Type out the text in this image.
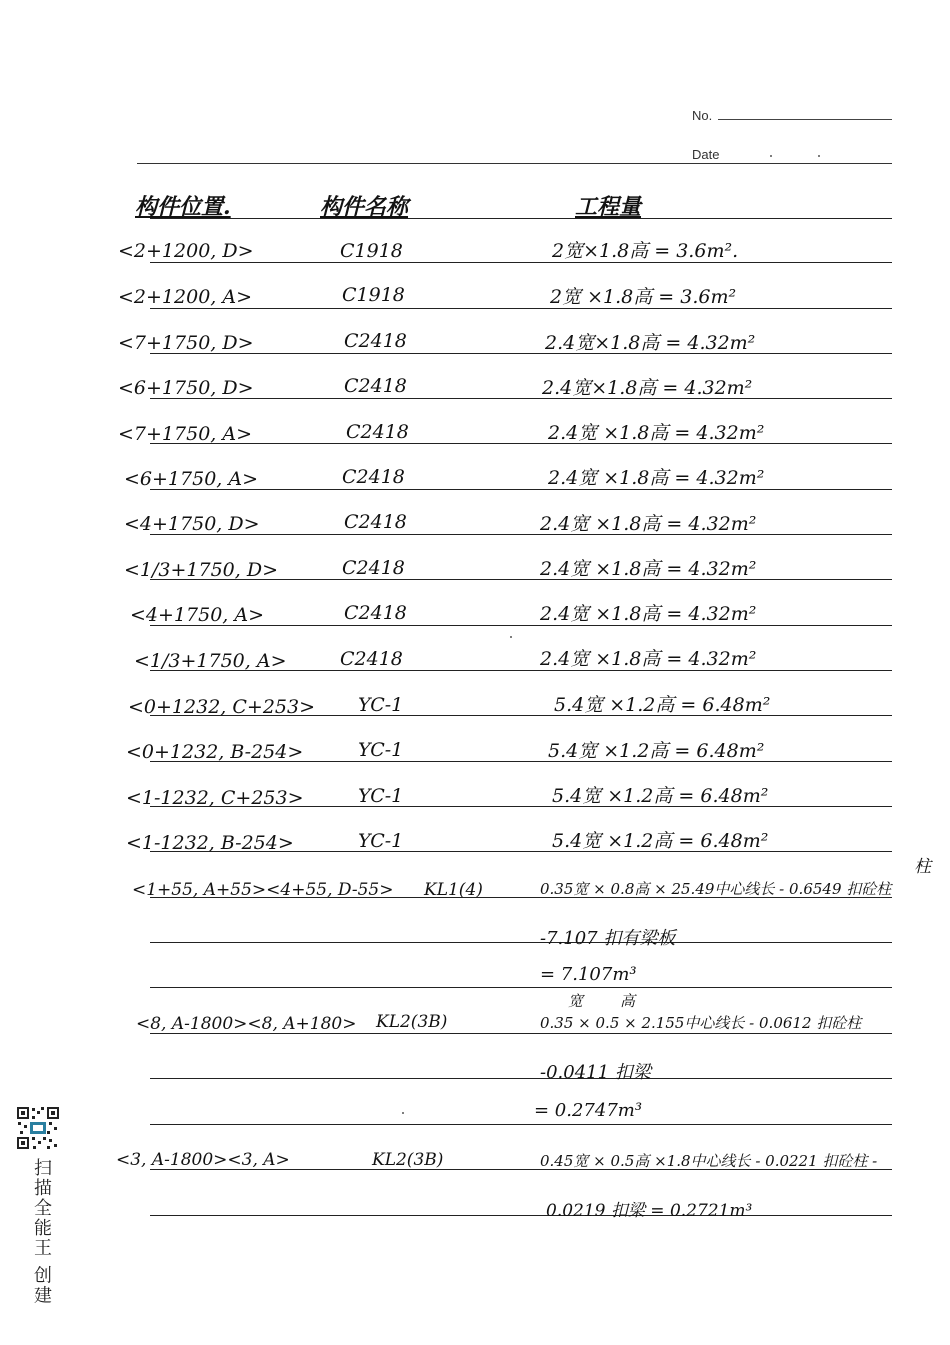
No.
Date
构件位置.	构件名称	工程量
<2+1200, D>	C1918	2宽×1.8高 = 3.6m².
<2+1200, A>	C1918	2宽 ×1.8高 = 3.6m²
<7+1750, D>	C2418	2.4宽×1.8高 = 4.32m²
<6+1750, D>	C2418	2.4宽×1.8高 = 4.32m²
<7+1750, A>	C2418	2.4宽 ×1.8高 = 4.32m²
<6+1750, A>	C2418	2.4宽 ×1.8高 = 4.32m²
<4+1750, D>	C2418	2.4宽 ×1.8高 = 4.32m²
<1/3+1750, D>	C2418	2.4宽 ×1.8高 = 4.32m²
<4+1750, A>	C2418	2.4宽 ×1.8高 = 4.32m²
<1/3+1750, A>	C2418	2.4宽 ×1.8高 = 4.32m²
<0+1232, C+253> YC-1	5.4宽 ×1.2高 = 6.48m²
<0+1232, B-254>	YC-1	5.4宽 ×1.2高 = 6.48m²
<1-1232, C+253>	YC-1	5.4宽 ×1.2高 = 6.48m²
<1-1232, B-254>	YC-1	5.4宽 ×1.2高 = 6.48m²
<1+55, A+55><4+55, D-55> KL1(4)	0.35宽 × 0.8高 × 25.49中心线长 - 0.6549 扣砼柱
柱
-7.107 扣有梁板
= 7.107m³
<8, A-1800><8, A+180> KL2(3B)
宽 高
0.35 × 0.5 × 2.155中心线长 - 0.0612 扣砼柱
-0.0411 扣梁
= 0.2747m³
<3, A-1800><3, A>	KL2(3B)	0.45宽 × 0.5高 ×1.8中心线长 - 0.0221 扣砼柱 -
0.0219 扣梁 = 0.2721m³
扫描全能王 创建
